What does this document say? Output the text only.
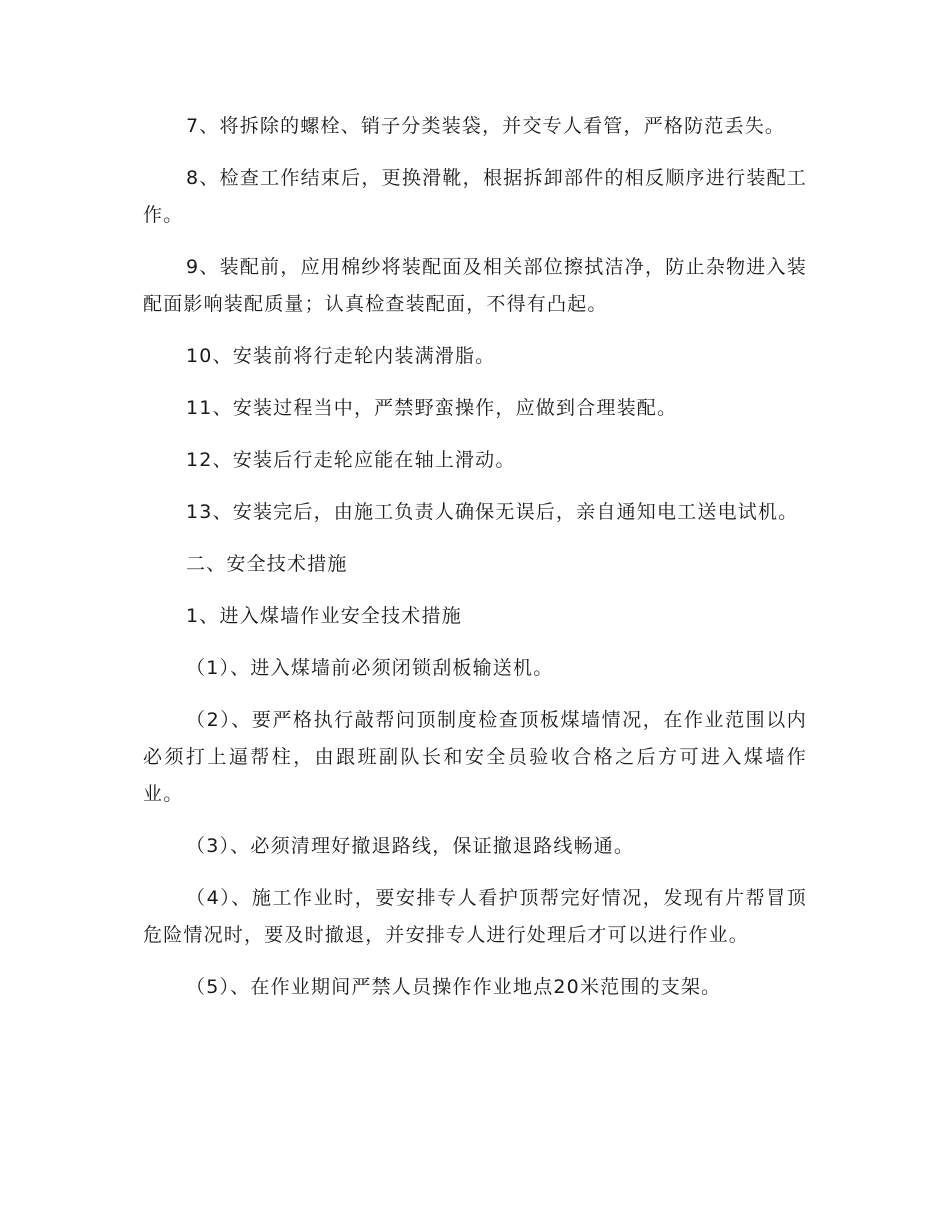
7、将拆除的螺栓、销子分类装袋，并交专人看管，严格防范丢失。

8、检查工作结束后，更换滑靴，根据拆卸部件的相反顺序进行装配工作。

9、装配前，应用棉纱将装配面及相关部位擦拭洁净，防止杂物进入装配面影响装配质量；认真检查装配面，不得有凸起。

10、安装前将行走轮内装满滑脂。

11、安装过程当中，严禁野蛮操作，应做到合理装配。

12、安装后行走轮应能在轴上滑动。

13、安装完后，由施工负责人确保无误后，亲自通知电工送电试机。

二、安全技术措施

1、进入煤墙作业安全技术措施

（1）、进入煤墙前必须闭锁刮板输送机。

（2）、要严格执行敲帮问顶制度检查顶板煤墙情况，在作业范围以内必须打上逼帮柱，由跟班副队长和安全员验收合格之后方可进入煤墙作业。

（3）、必须清理好撤退路线，保证撤退路线畅通。

（4）、施工作业时，要安排专人看护顶帮完好情况，发现有片帮冒顶危险情况时，要及时撤退，并安排专人进行处理后才可以进行作业。

（5）、在作业期间严禁人员操作作业地点20米范围的支架。
